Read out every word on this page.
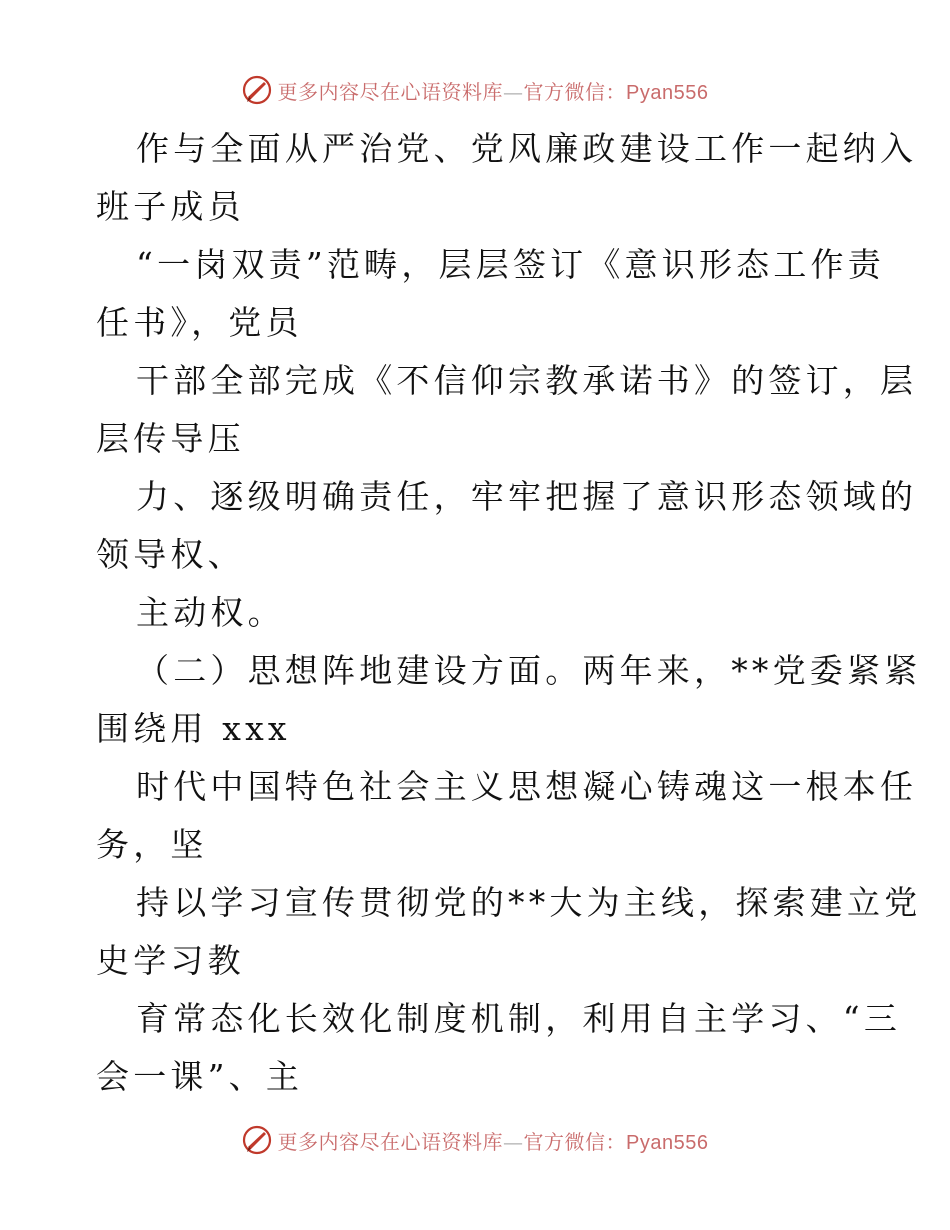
更多内容尽在心语资料库—官方微信：Pyan556
作与全面从严治党、党风廉政建设工作一起纳入
班子成员
“一岗双责”范畴，层层签订《意识形态工作责
任书》，党员
干部全部完成《不信仰宗教承诺书》的签订，层
层传导压
力、逐级明确责任，牢牢把握了意识形态领域的
领导权、
主动权。
（二）思想阵地建设方面。两年来，**党委紧紧
围绕用 xxx
时代中国特色社会主义思想凝心铸魂这一根本任
务，坚
持以学习宣传贯彻党的**大为主线，探索建立党
史学习教
育常态化长效化制度机制，利用自主学习、“三
会一课”、主
更多内容尽在心语资料库—官方微信：Pyan556
